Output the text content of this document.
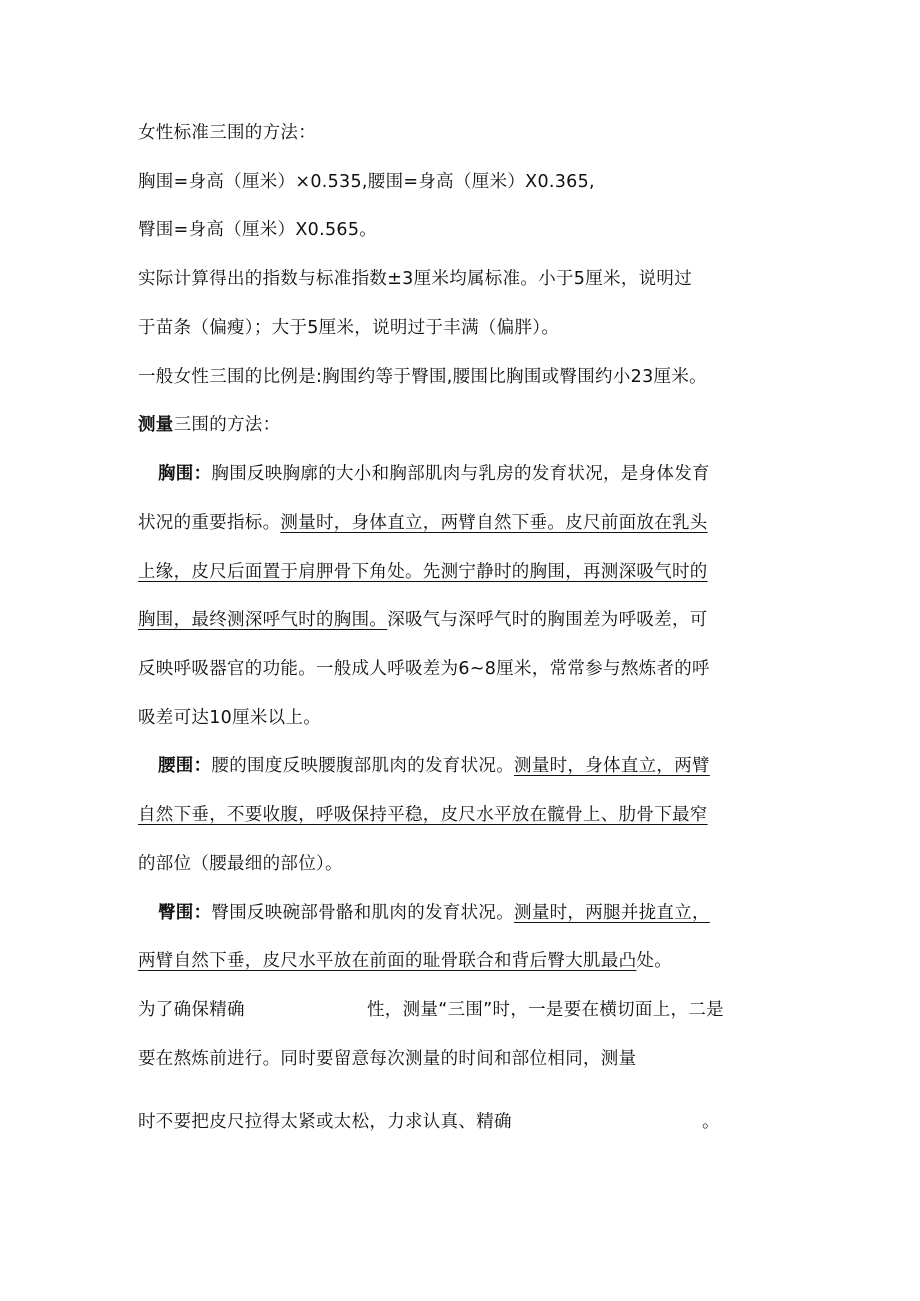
女性标准三围的方法：
胸围=身高（厘米）×0.535,腰围=身高（厘米）X0.365,
臀围=身高（厘米）X0.565。
实际计算得出的指数与标准指数±3厘米均属标准。小于5厘米，说明过
于苗条（偏瘦）；大于5厘米，说明过于丰满（偏胖）。
一般女性三围的比例是:胸围约等于臀围,腰围比胸围或臀围约小23厘米。
测量三围的方法：
胸围：胸围反映胸廓的大小和胸部肌肉与乳房的发育状况，是身体发育
状况的重要指标。测量时，身体直立，两臂自然下垂。皮尺前面放在乳头
上缘，皮尺后面置于肩胛骨下角处。先测宁静时的胸围，再测深吸气时的
胸围，最终测深呼气时的胸围。深吸气与深呼气时的胸围差为呼吸差，可
反映呼吸器官的功能。一般成人呼吸差为6~8厘米，常常参与熬炼者的呼
吸差可达10厘米以上。
腰围：腰的围度反映腰腹部肌肉的发育状况。测量时，身体直立，两臂
自然下垂，不要收腹，呼吸保持平稳，皮尺水平放在髋骨上、肋骨下最窄
的部位（腰最细的部位）。
臀围：臀围反映碗部骨骼和肌肉的发育状况。测量时，两腿并拢直立，
两臂自然下垂，皮尺水平放在前面的耻骨联合和背后臀大肌最凸处。
为了确保精确	性，测量“三围”时，一是要在横切面上，二是
要在熬炼前进行。同时要留意每次测量的时间和部位相同，测量
时不要把皮尺拉得太紧或太松，力求认真、精确	。
